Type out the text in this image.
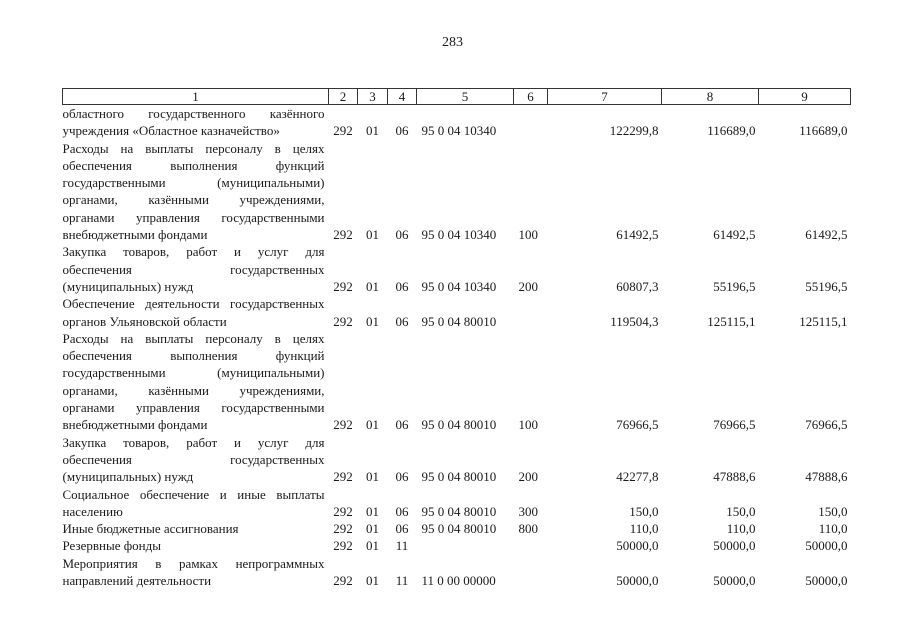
283
1	2	3	4	5	6	7	8	9
областного государственного казённого учреждения «Областное казначейство»	292	01	06	95 0 04 10340		122299,8	116689,0	116689,0
Расходы на выплаты персоналу в целях обеспечения выполнения функций государственными (муниципальными) органами, казёнными учреждениями, органами управления государственными внебюджетными фондами	292	01	06	95 0 04 10340	100	61492,5	61492,5	61492,5
Закупка товаров, работ и услуг для обеспечения государственных (муниципальных) нужд	292	01	06	95 0 04 10340	200	60807,3	55196,5	55196,5
Обеспечение деятельности государственных органов Ульяновской области	292	01	06	95 0 04 80010		119504,3	125115,1	125115,1
Расходы на выплаты персоналу в целях обеспечения выполнения функций государственными (муниципальными) органами, казёнными учреждениями, органами управления государственными внебюджетными фондами	292	01	06	95 0 04 80010	100	76966,5	76966,5	76966,5
Закупка товаров, работ и услуг для обеспечения государственных (муниципальных) нужд	292	01	06	95 0 04 80010	200	42277,8	47888,6	47888,6
Социальное обеспечение и иные выплаты населению	292	01	06	95 0 04 80010	300	150,0	150,0	150,0
Иные бюджетные ассигнования	292	01	06	95 0 04 80010	800	110,0	110,0	110,0
Резервные фонды	292	01	11			50000,0	50000,0	50000,0
Мероприятия в рамках непрограммных направлений деятельности	292	01	11	11 0 00 00000		50000,0	50000,0	50000,0
